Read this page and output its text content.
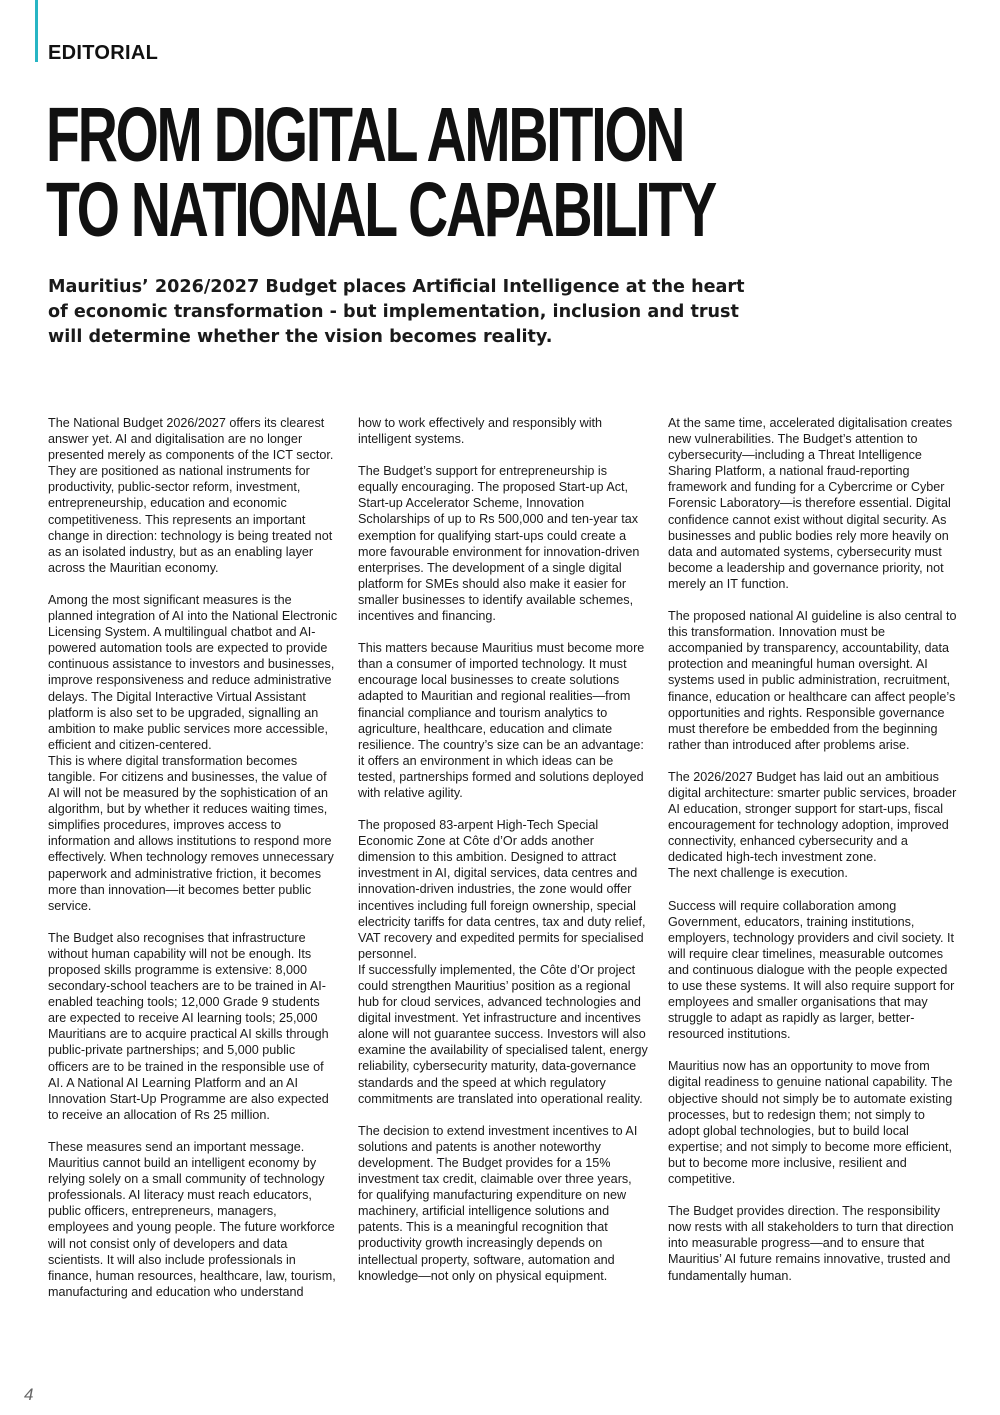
EDITORIAL
FROM DIGITAL AMBITION
TO NATIONAL CAPABILITY

Mauritius’ 2026/2027 Budget places Artificial Intelligence at the heart of economic transformation - but implementation, inclusion and trust will determine whether the vision becomes reality.

The National Budget 2026/2027 offers its clearest answer yet. AI and digitalisation are no longer presented merely as components of the ICT sector. They are positioned as national instruments for productivity, public-sector reform, investment, entrepreneurship, education and economic competitiveness. This represents an important change in direction: technology is being treated not as an isolated industry, but as an enabling layer across the Mauritian economy.

Among the most significant measures is the planned integration of AI into the National Electronic Licensing System. A multilingual chatbot and AI-powered automation tools are expected to provide continuous assistance to investors and businesses, improve responsiveness and reduce administrative delays. The Digital Interactive Virtual Assistant platform is also set to be upgraded, signalling an ambition to make public services more accessible, efficient and citizen-centered.
This is where digital transformation becomes tangible. For citizens and businesses, the value of AI will not be measured by the sophistication of an algorithm, but by whether it reduces waiting times, simplifies procedures, improves access to information and allows institutions to respond more effectively. When technology removes unnecessary paperwork and administrative friction, it becomes more than innovation—it becomes better public service.

The Budget also recognises that infrastructure without human capability will not be enough. Its proposed skills programme is extensive: 8,000 secondary-school teachers are to be trained in AI-enabled teaching tools; 12,000 Grade 9 students are expected to receive AI learning tools; 25,000 Mauritians are to acquire practical AI skills through public-private partnerships; and 5,000 public officers are to be trained in the responsible use of AI. A National AI Learning Platform and an AI Innovation Start-Up Programme are also expected to receive an allocation of Rs 25 million.

These measures send an important message. Mauritius cannot build an intelligent economy by relying solely on a small community of technology professionals. AI literacy must reach educators, public officers, entrepreneurs, managers, employees and young people. The future workforce will not consist only of developers and data scientists. It will also include professionals in finance, human resources, healthcare, law, tourism, manufacturing and education who understand

how to work effectively and responsibly with intelligent systems.

The Budget’s support for entrepreneurship is equally encouraging. The proposed Start-up Act, Start-up Accelerator Scheme, Innovation Scholarships of up to Rs 500,000 and ten-year tax exemption for qualifying start-ups could create a more favourable environment for innovation-driven enterprises. The development of a single digital platform for SMEs should also make it easier for smaller businesses to identify available schemes, incentives and financing.

This matters because Mauritius must become more than a consumer of imported technology. It must encourage local businesses to create solutions adapted to Mauritian and regional realities—from financial compliance and tourism analytics to agriculture, healthcare, education and climate resilience. The country’s size can be an advantage: it offers an environment in which ideas can be tested, partnerships formed and solutions deployed with relative agility.

The proposed 83-arpent High-Tech Special Economic Zone at Côte d’Or adds another dimension to this ambition. Designed to attract investment in AI, digital services, data centres and innovation-driven industries, the zone would offer incentives including full foreign ownership, special electricity tariffs for data centres, tax and duty relief, VAT recovery and expedited permits for specialised personnel.
If successfully implemented, the Côte d’Or project could strengthen Mauritius’ position as a regional hub for cloud services, advanced technologies and digital investment. Yet infrastructure and incentives alone will not guarantee success. Investors will also examine the availability of specialised talent, energy reliability, cybersecurity maturity, data-governance standards and the speed at which regulatory commitments are translated into operational reality.

The decision to extend investment incentives to AI solutions and patents is another noteworthy development. The Budget provides for a 15% investment tax credit, claimable over three years, for qualifying manufacturing expenditure on new machinery, artificial intelligence solutions and patents. This is a meaningful recognition that productivity growth increasingly depends on intellectual property, software, automation and knowledge—not only on physical equipment.

At the same time, accelerated digitalisation creates new vulnerabilities. The Budget’s attention to cybersecurity—including a Threat Intelligence Sharing Platform, a national fraud-reporting framework and funding for a Cybercrime or Cyber Forensic Laboratory—is therefore essential. Digital confidence cannot exist without digital security. As businesses and public bodies rely more heavily on data and automated systems, cybersecurity must become a leadership and governance priority, not merely an IT function.

The proposed national AI guideline is also central to this transformation. Innovation must be accompanied by transparency, accountability, data protection and meaningful human oversight. AI systems used in public administration, recruitment, finance, education or healthcare can affect people’s opportunities and rights. Responsible governance must therefore be embedded from the beginning rather than introduced after problems arise.

The 2026/2027 Budget has laid out an ambitious digital architecture: smarter public services, broader AI education, stronger support for start-ups, fiscal encouragement for technology adoption, improved connectivity, enhanced cybersecurity and a dedicated high-tech investment zone.
The next challenge is execution.

Success will require collaboration among Government, educators, training institutions, employers, technology providers and civil society. It will require clear timelines, measurable outcomes and continuous dialogue with the people expected to use these systems. It will also require support for employees and smaller organisations that may struggle to adapt as rapidly as larger, better-resourced institutions.

Mauritius now has an opportunity to move from digital readiness to genuine national capability. The objective should not simply be to automate existing processes, but to redesign them; not simply to adopt global technologies, but to build local expertise; and not simply to become more efficient, but to become more inclusive, resilient and competitive.

The Budget provides direction. The responsibility now rests with all stakeholders to turn that direction into measurable progress—and to ensure that Mauritius’ AI future remains innovative, trusted and fundamentally human.

4
